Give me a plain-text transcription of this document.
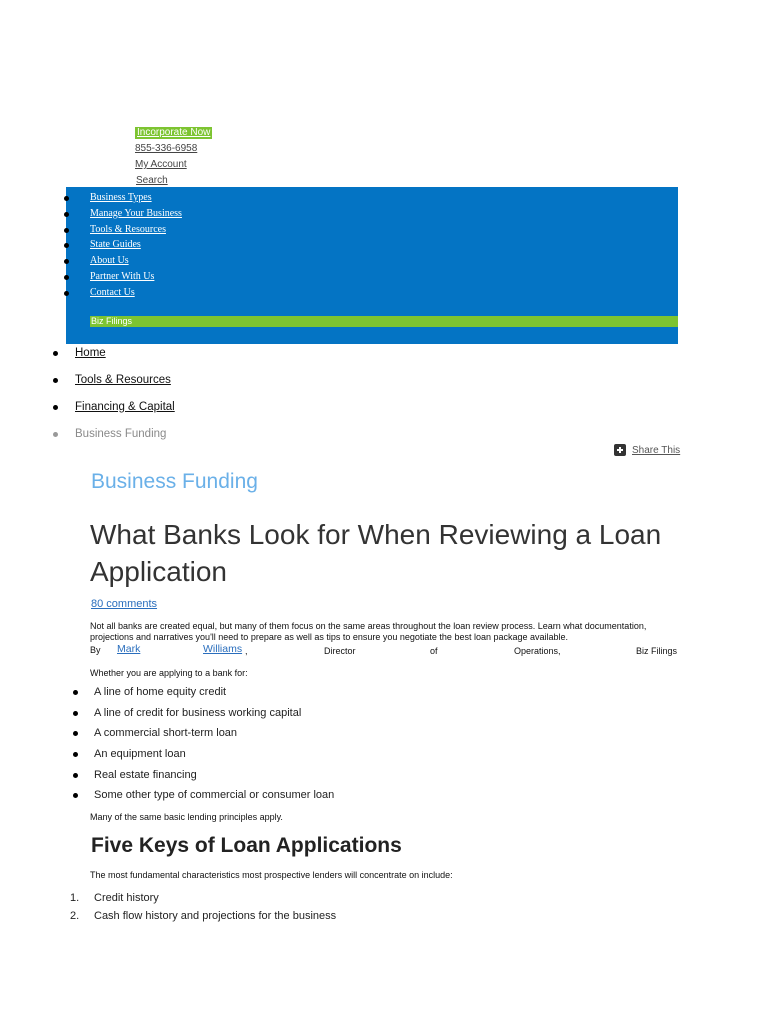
Incorporate Now
855-336-6958
My Account
Search
Business Types
Manage Your Business
Tools & Resources
State Guides
About Us
Partner With Us
Contact Us
Biz Filings
Home
Tools & Resources
Financing & Capital
Business Funding
Share This
Business Funding
What Banks Look for When Reviewing a Loan Application
80 comments

Not all banks are created equal, but many of them focus on the same areas throughout the loan review process. Learn what documentation, projections and narratives you'll need to prepare as well as tips to ensure you negotiate the best loan package available.

By Mark	Williams ,	Director	of	Operations,	Biz Filings

Whether you are applying to a bank for:

A line of home equity credit
A line of credit for business working capital
A commercial short-term loan
An equipment loan
Real estate financing
Some other type of commercial or consumer loan

Many of the same basic lending principles apply.

Five Keys of Loan Applications

The most fundamental characteristics most prospective lenders will concentrate on include:

1. Credit history
2. Cash flow history and projections for the business
